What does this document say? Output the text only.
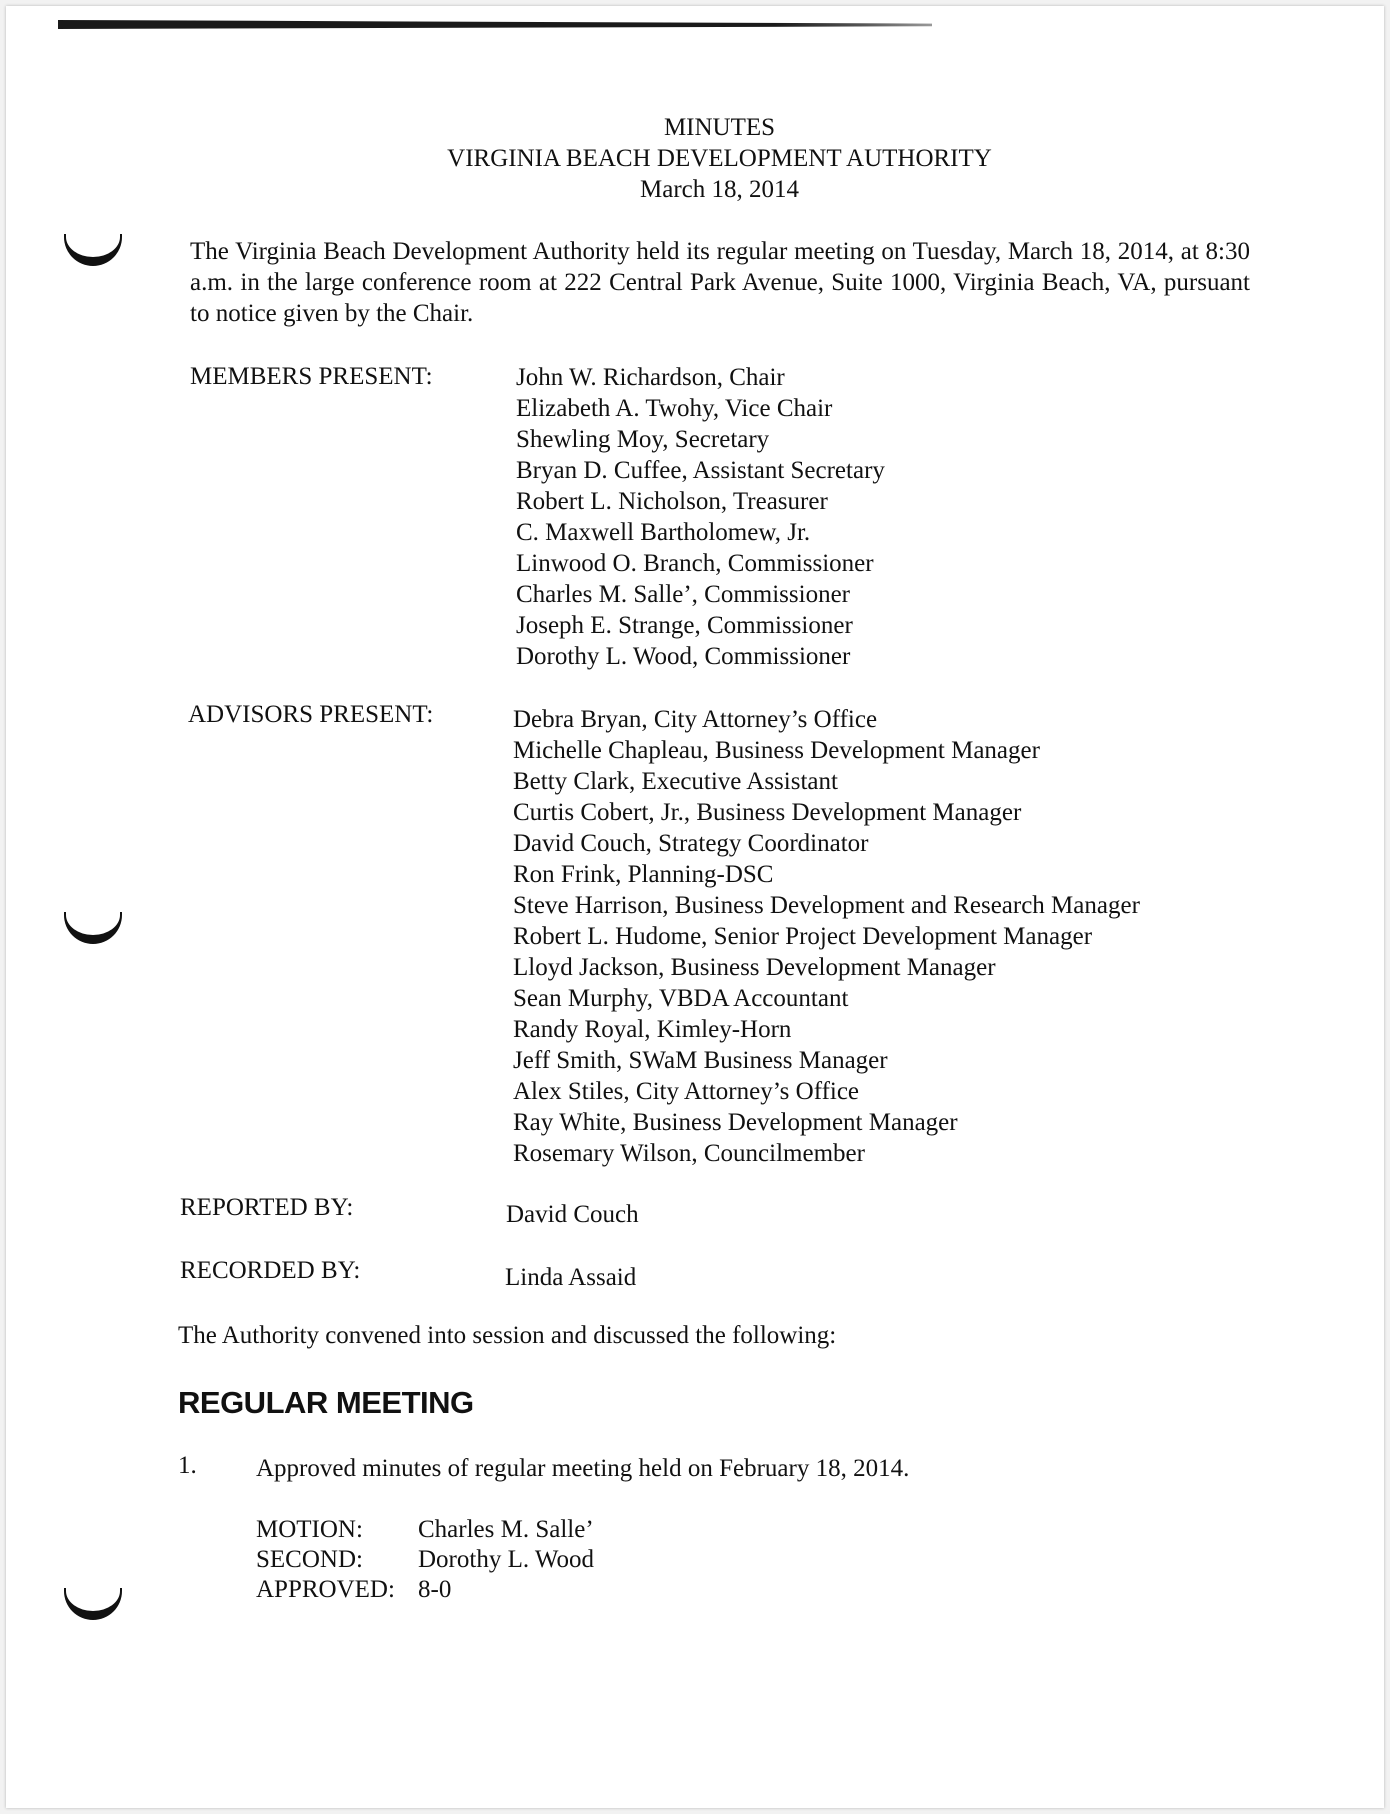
MINUTES
VIRGINIA BEACH DEVELOPMENT AUTHORITY
March 18, 2014
The Virginia Beach Development Authority held its regular meeting on Tuesday, March 18, 2014, at 8:30 a.m. in the large conference room at 222 Central Park Avenue, Suite 1000, Virginia Beach, VA, pursuant to notice given by the Chair.
MEMBERS PRESENT:	John W. Richardson, Chair
Elizabeth A. Twohy, Vice Chair
Shewling Moy, Secretary
Bryan D. Cuffee, Assistant Secretary
Robert L. Nicholson, Treasurer
C. Maxwell Bartholomew, Jr.
Linwood O. Branch, Commissioner
Charles M. Salle’, Commissioner
Joseph E. Strange, Commissioner
Dorothy L. Wood, Commissioner
ADVISORS PRESENT:	Debra Bryan, City Attorney’s Office
Michelle Chapleau, Business Development Manager
Betty Clark, Executive Assistant
Curtis Cobert, Jr., Business Development Manager
David Couch, Strategy Coordinator
Ron Frink, Planning-DSC
Steve Harrison, Business Development and Research Manager
Robert L. Hudome, Senior Project Development Manager
Lloyd Jackson, Business Development Manager
Sean Murphy, VBDA Accountant
Randy Royal, Kimley-Horn
Jeff Smith, SWaM Business Manager
Alex Stiles, City Attorney’s Office
Ray White, Business Development Manager
Rosemary Wilson, Councilmember
REPORTED BY:	David Couch
RECORDED BY:	Linda Assaid
The Authority convened into session and discussed the following:
REGULAR MEETING
1. Approved minutes of regular meeting held on February 18, 2014.
MOTION:	Charles M. Salle’
SECOND:	Dorothy L. Wood
APPROVED: 8-0
